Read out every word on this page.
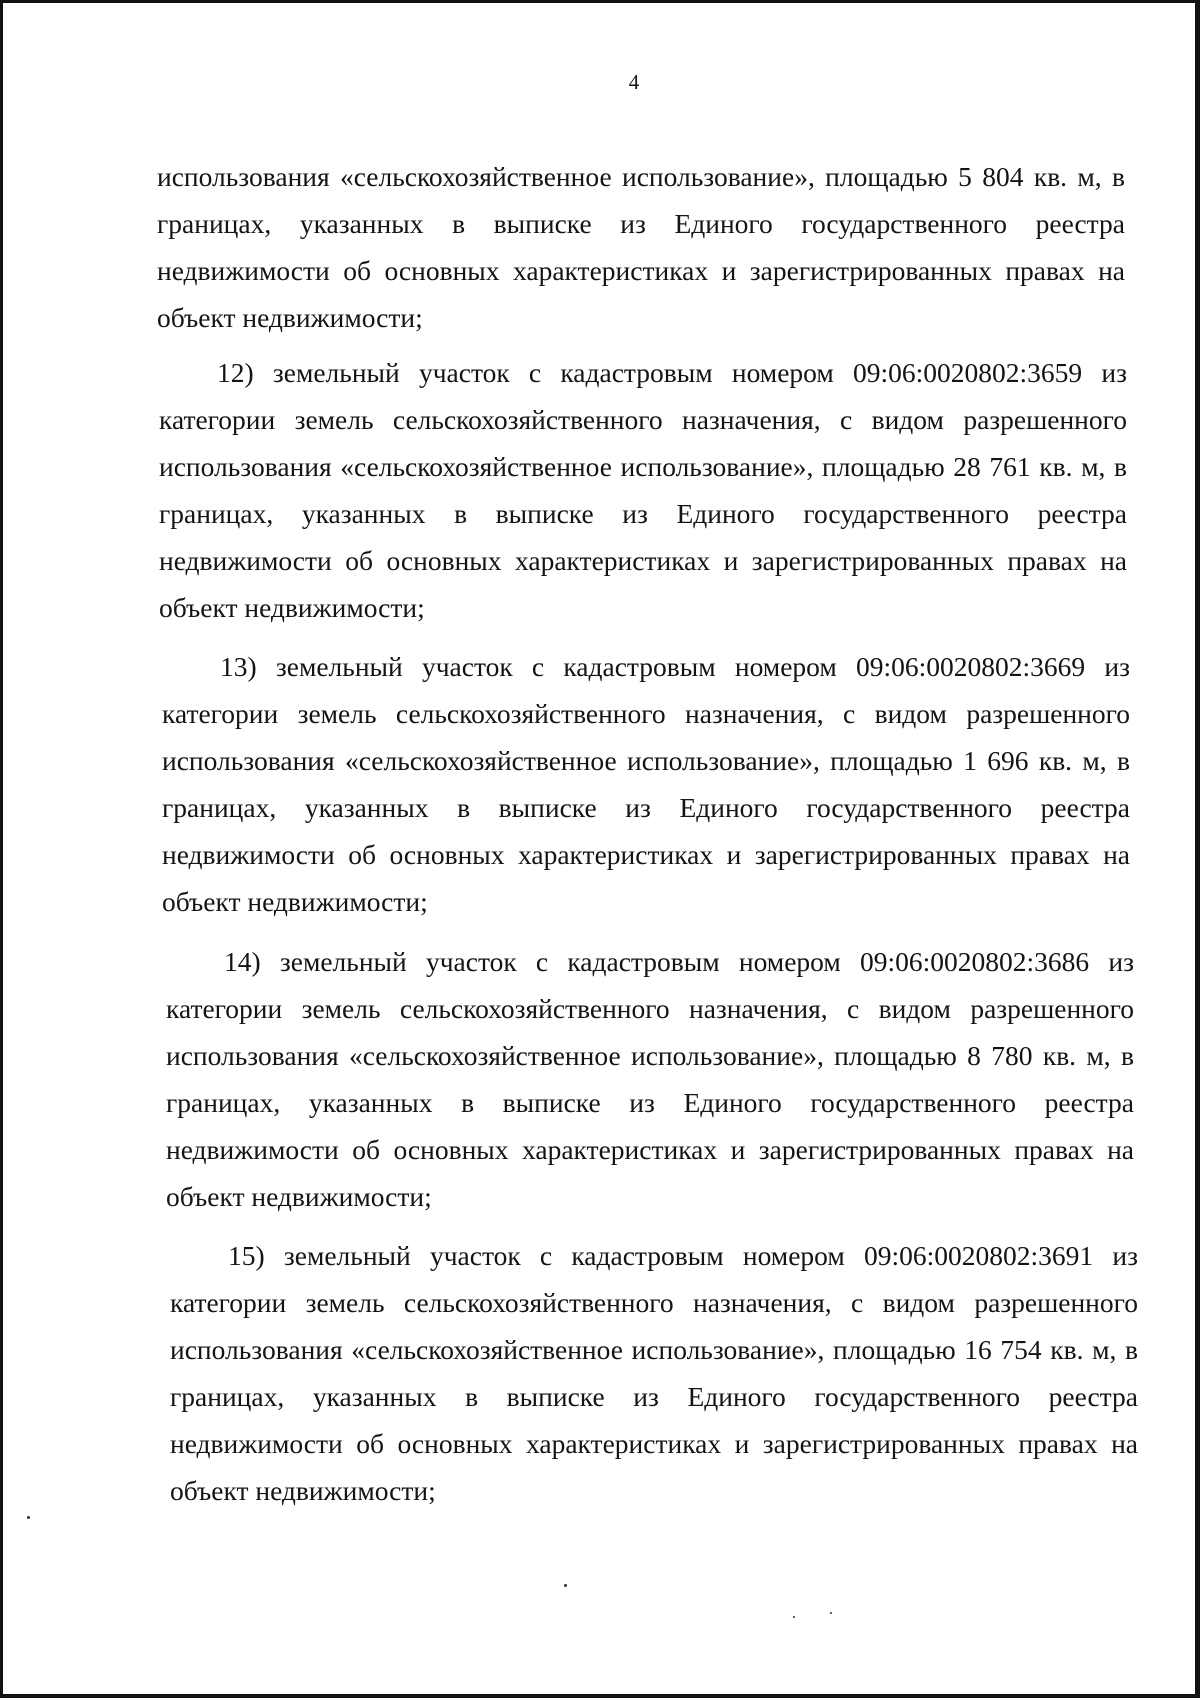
4

использования «сельскохозяйственное использование», площадью 5 804 кв. м, в границах, указанных в выписке из Единого государственного реестра недвижимости об основных характеристиках и зарегистрированных правах на объект недвижимости;

12) земельный участок с кадастровым номером 09:06:0020802:3659 из категории земель сельскохозяйственного назначения, с видом разрешенного использования «сельскохозяйственное использование», площадью 28 761 кв. м, в границах, указанных в выписке из Единого государственного реестра недвижимости об основных характеристиках и зарегистрированных правах на объект недвижимости;

13) земельный участок с кадастровым номером 09:06:0020802:3669 из категории земель сельскохозяйственного назначения, с видом разрешенного использования «сельскохозяйственное использование», площадью 1 696 кв. м, в границах, указанных в выписке из Единого государственного реестра недвижимости об основных характеристиках и зарегистрированных правах на объект недвижимости;

14) земельный участок с кадастровым номером 09:06:0020802:3686 из категории земель сельскохозяйственного назначения, с видом разрешенного использования «сельскохозяйственное использование», площадью 8 780 кв. м, в границах, указанных в выписке из Единого государственного реестра недвижимости об основных характеристиках и зарегистрированных правах на объект недвижимости;

15) земельный участок с кадастровым номером 09:06:0020802:3691 из категории земель сельскохозяйственного назначения, с видом разрешенного использования «сельскохозяйственное использование», площадью 16 754 кв. м, в границах, указанных в выписке из Единого государственного реестра недвижимости об основных характеристиках и зарегистрированных правах на объект недвижимости;
